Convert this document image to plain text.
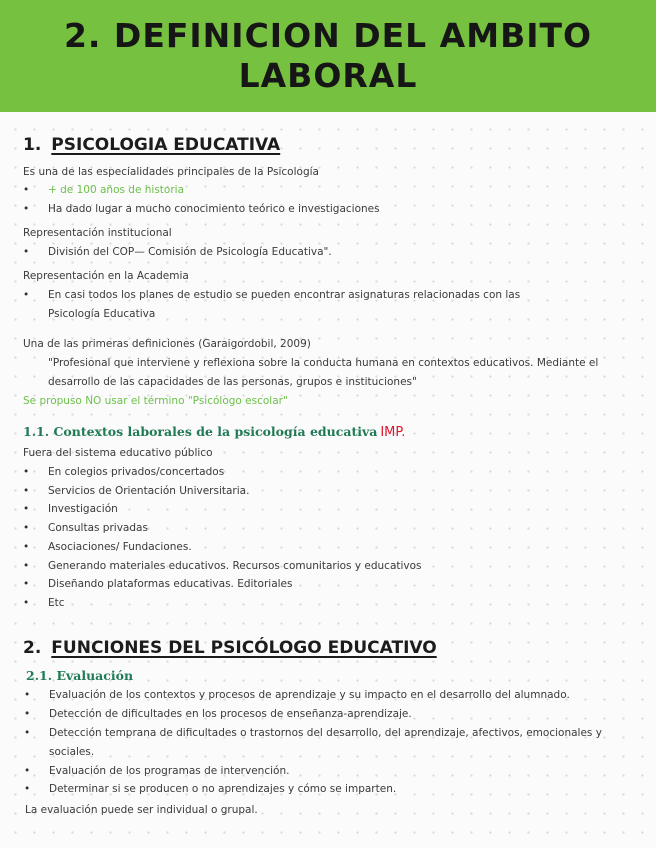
2. DEFINICION DEL AMBITO
LABORAL
1. PSICOLOGIA EDUCATIVA
Es una de las especialidades principales de la Psicología
• + de 100 años de historia
• Ha dado lugar a mucho conocimiento teórico e investigaciones
Representación institucional
• División del COP— Comisión de Psicología Educativa".
Representación en la Academia
• En casi todos los planes de estudio se pueden encontrar asignaturas relacionadas con las
Psicología Educativa
Una de las primeras definiciones (Garaigordobil, 2009)
"Profesional que interviene y reflexiona sobre la conducta humana en contextos educativos. Mediante el
desarrollo de las capacidades de las personas, grupos e instituciones"
Se propuso NO usar el término "Psicólogo escolar"
1.1. Contextos laborales de la psicología educativa IMP.
Fuera del sistema educativo público
• En colegios privados/concertados
• Servicios de Orientación Universitaria.
• Investigación
• Consultas privadas
• Asociaciones/ Fundaciones.
• Generando materiales educativos. Recursos comunitarios y educativos
• Diseñando plataformas educativas. Editoriales
• Etc
2. FUNCIONES DEL PSICÓLOGO EDUCATIVO
2.1. Evaluación
• Evaluación de los contextos y procesos de aprendizaje y su impacto en el desarrollo del alumnado.
• Detección de dificultades en los procesos de enseñanza-aprendizaje.
• Detección temprana de dificultades o trastornos del desarrollo, del aprendizaje, afectivos, emocionales y
sociales.
• Evaluación de los programas de intervención.
• Determinar si se producen o no aprendizajes y cómo se imparten.
La evaluación puede ser individual o grupal.
